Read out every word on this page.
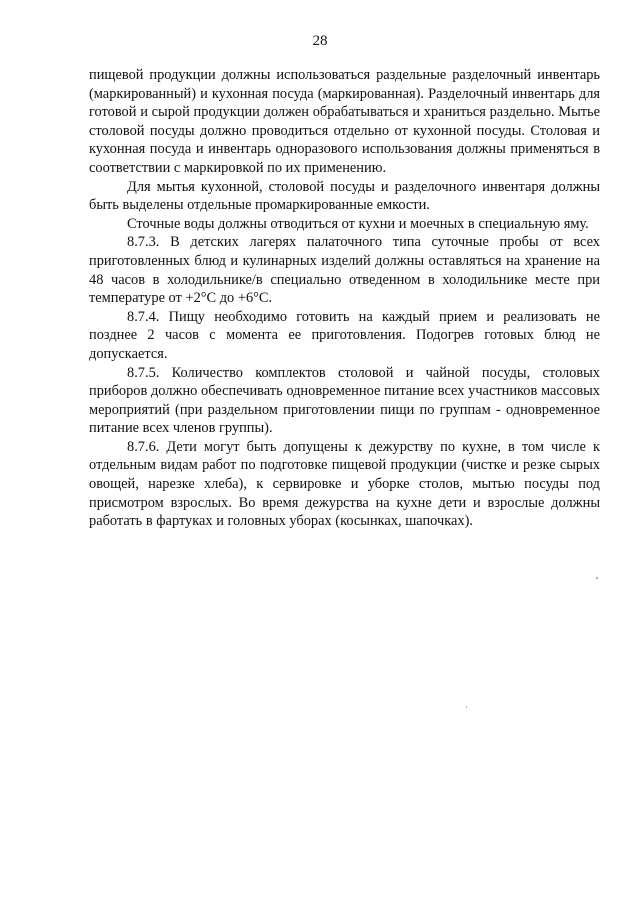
28

пищевой продукции должны использоваться раздельные разделочный инвентарь (маркированный) и кухонная посуда (маркированная). Разделочный инвентарь для готовой и сырой продукции должен обрабатываться и храниться раздельно. Мытье столовой посуды должно проводиться отдельно от кухонной посуды. Столовая и кухонная посуда и инвентарь одноразового использования должны применяться в соответствии с маркировкой по их применению.

Для мытья кухонной, столовой посуды и разделочного инвентаря должны быть выделены отдельные промаркированные емкости.

Сточные воды должны отводиться от кухни и моечных в специальную яму.

8.7.3. В детских лагерях палаточного типа суточные пробы от всех приготовленных блюд и кулинарных изделий должны оставляться на хранение на 48 часов в холодильнике/в специально отведенном в холодильнике месте при температуре от +2°С до +6°С.

8.7.4. Пищу необходимо готовить на каждый прием и реализовать не позднее 2 часов с момента ее приготовления. Подогрев готовых блюд не допускается.

8.7.5. Количество комплектов столовой и чайной посуды, столовых приборов должно обеспечивать одновременное питание всех участников массовых мероприятий (при раздельном приготовлении пищи по группам - одновременное питание всех членов группы).

8.7.6. Дети могут быть допущены к дежурству по кухне, в том числе к отдельным видам работ по подготовке пищевой продукции (чистке и резке сырых овощей, нарезке хлеба), к сервировке и уборке столов, мытью посуды под присмотром взрослых. Во время дежурства на кухне дети и взрослые должны работать в фартуках и головных уборах (косынках, шапочках).
